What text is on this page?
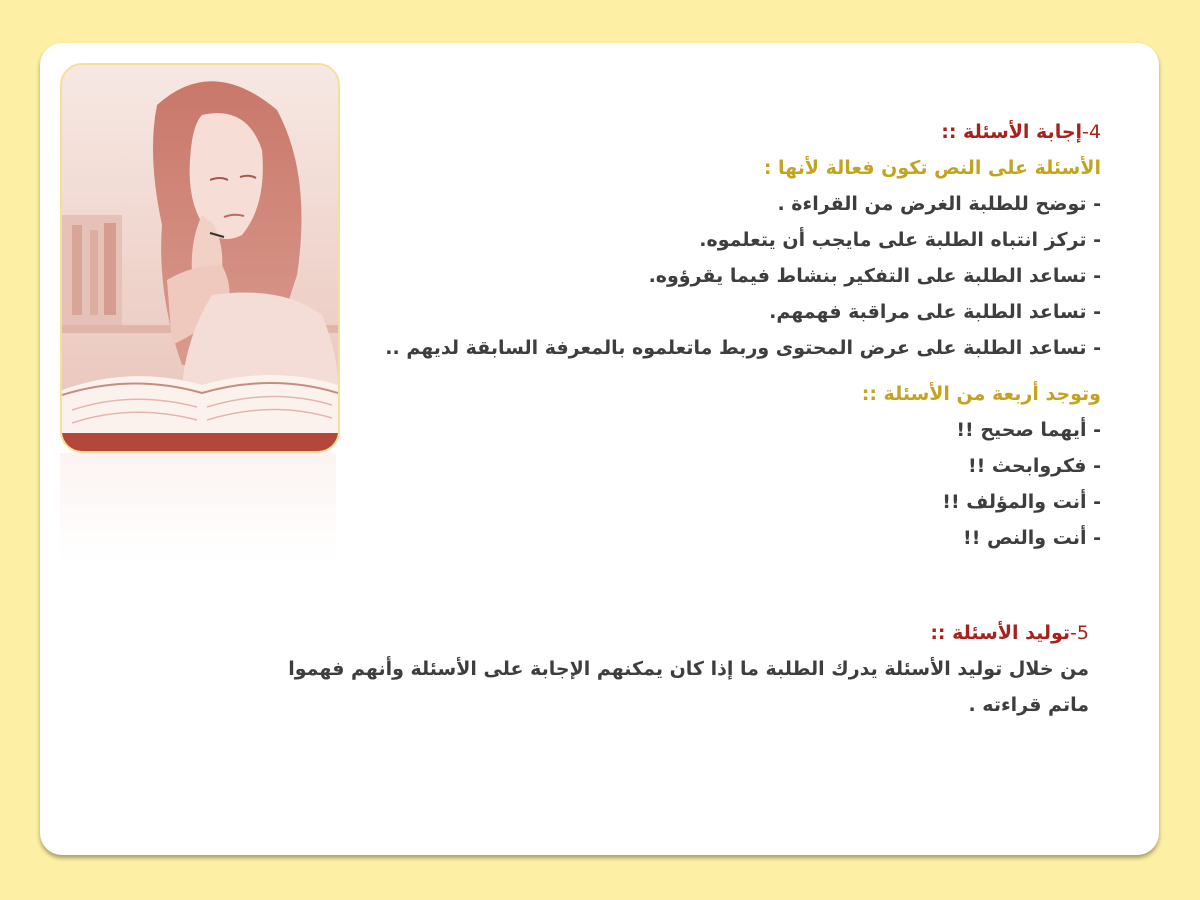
4-إجابة الأسئلة ::
الأسئلة على النص تكون فعالة لأنها :
- توضح للطلبة الغرض من القراءة .
- تركز انتباه الطلبة على مايجب أن يتعلموه.
- تساعد الطلبة على التفكير بنشاط فيما يقرؤوه.
- تساعد الطلبة على مراقبة فهمهم.
- تساعد الطلبة على عرض المحتوى وربط ماتعلموه بالمعرفة السابقة لديهم ..
وتوجد أربعة من الأسئلة ::
- أيهما صحيح !!
- فكروابحث !!
- أنت والمؤلف !!
- أنت والنص !!
5-توليد الأسئلة ::
من خلال توليد الأسئلة يدرك الطلبة ما إذا كان يمكنهم الإجابة على الأسئلة وأنهم فهموا
ماتم قراءته .
